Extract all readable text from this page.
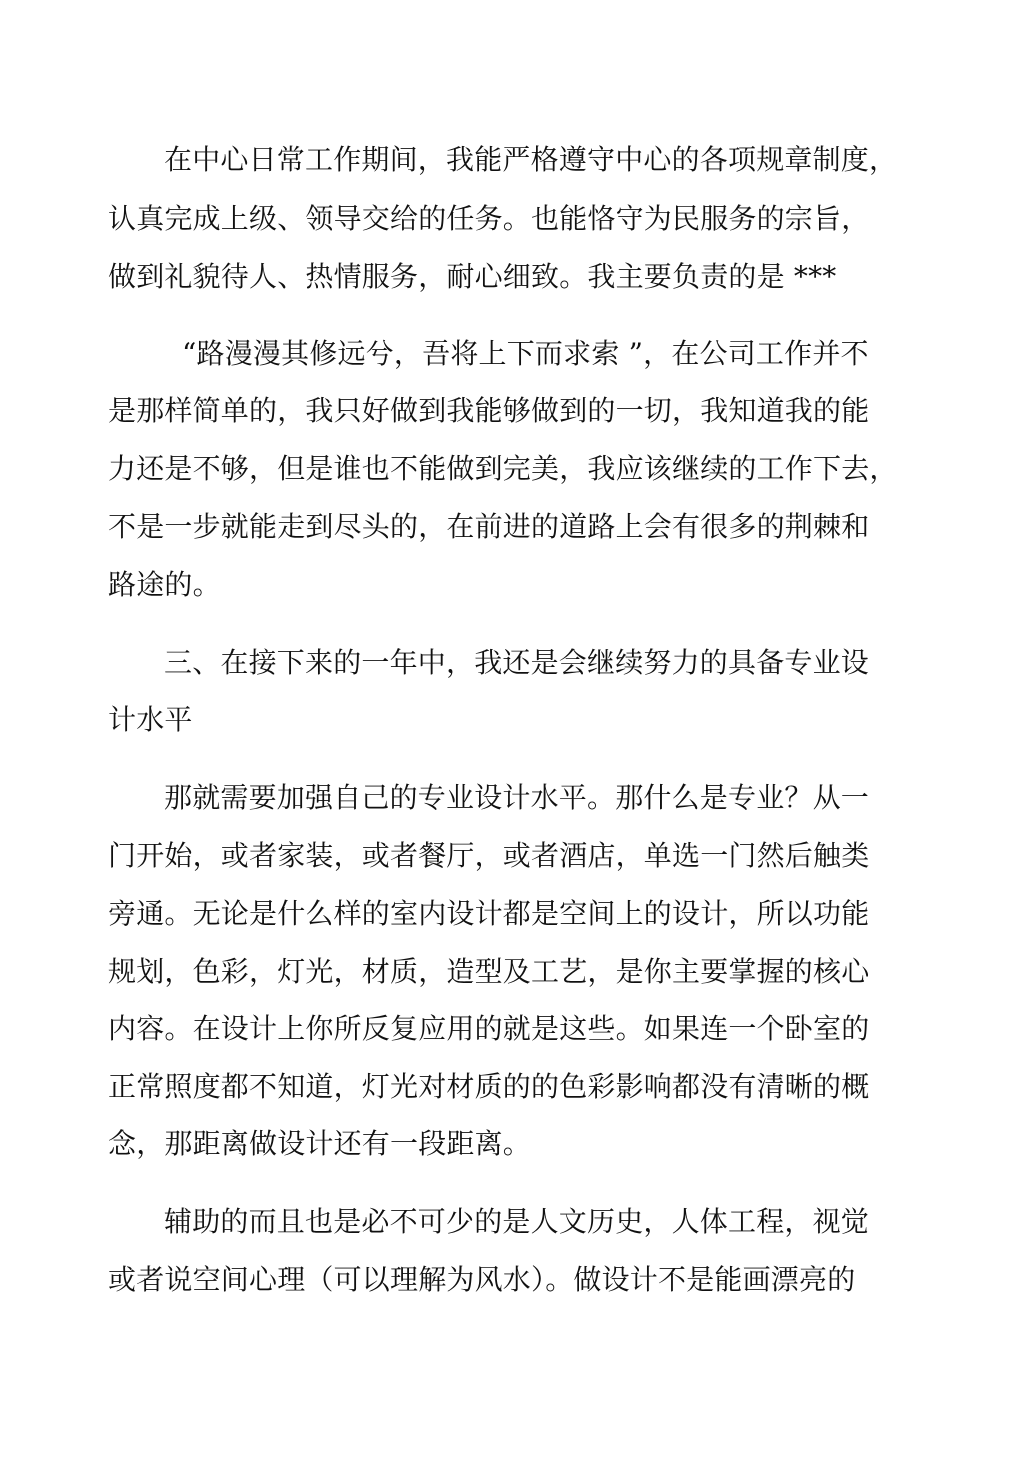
在中心日常工作期间，我能严格遵守中心的各项规章制度，
认真完成上级、领导交给的任务。也能恪守为民服务的宗旨，
做到礼貌待人、热情服务，耐心细致。我主要负责的是 ***
“路漫漫其修远兮，吾将上下而求索 ”，在公司工作并不
是那样简单的，我只好做到我能够做到的一切，我知道我的能
力还是不够，但是谁也不能做到完美，我应该继续的工作下去，
不是一步就能走到尽头的，在前进的道路上会有很多的荆棘和
路途的。
三、在接下来的一年中，我还是会继续努力的具备专业设
计水平
那就需要加强自己的专业设计水平。那什么是专业？从一
门开始，或者家装，或者餐厅，或者酒店，单选一门然后触类
旁通。无论是什么样的室内设计都是空间上的设计，所以功能
规划，色彩，灯光，材质，造型及工艺，是你主要掌握的核心
内容。在设计上你所反复应用的就是这些。如果连一个卧室的
正常照度都不知道，灯光对材质的的色彩影响都没有清晰的概
念，那距离做设计还有一段距离。
辅助的而且也是必不可少的是人文历史，人体工程，视觉
或者说空间心理（可以理解为风水）。做设计不是能画漂亮的
